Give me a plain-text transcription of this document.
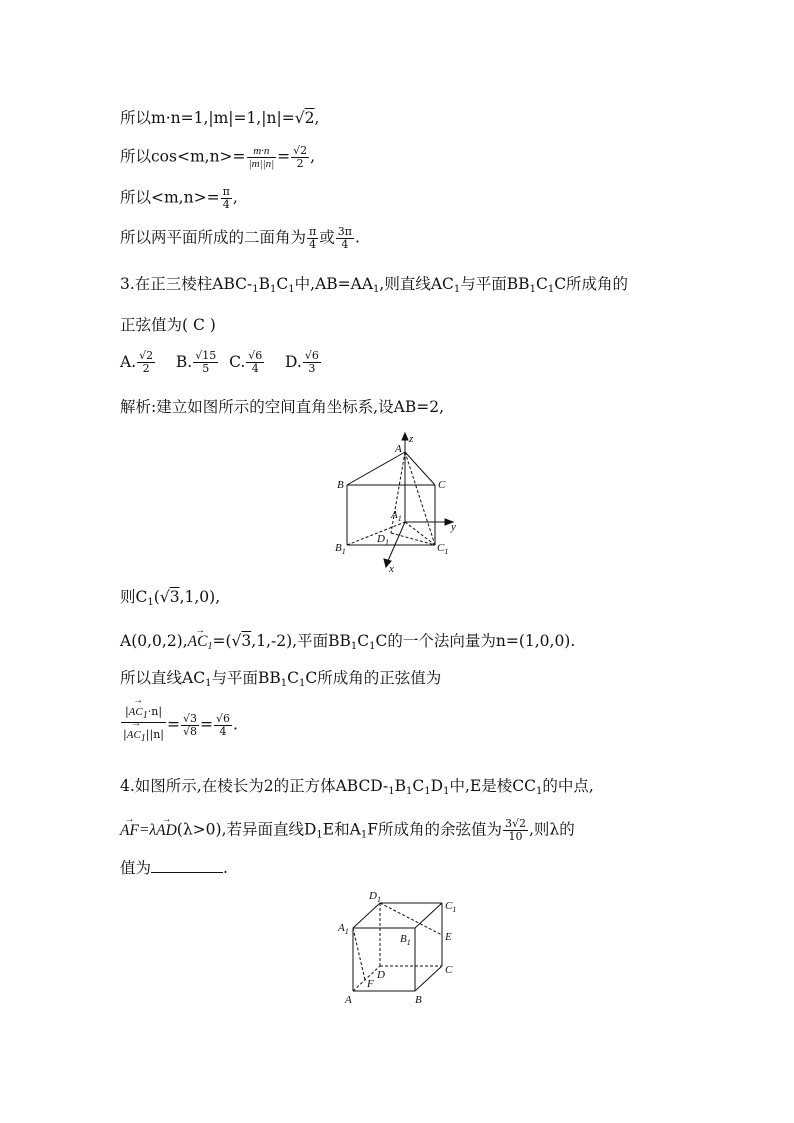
所以m·n=1,|m|=1,|n|=√2,
所以$\cos<m,n>= \frac{m\cdot n}{|m||n|} = \frac{√2}{2}$ ,
所以$<m,n>= \frac{\pi}{4}$ ,
所以两平面所成的二面角为 $\frac{\pi}{4}$ 或 $\frac{3\pi}{4}$ .
3.在正三棱柱ABC-$_1B_1C_1$中$,AB=AA_1$,则直线$AC_1$与平面$BB_1C_1C$所成角的
正弦值为( C )
A. $\frac{√2}{2} B$. $\frac{√15}{5} C$. $\frac{√6}{4} D$. $\frac{√6}{3}$
解析:建立如图所示的空间直角坐标系,设AB=2,
A
B	C
$A_1$
$B_1$	$C_1$
$D_1$
z
y
x
则$C_1(√3,1,0)$,
$A(0,0,2),\to AC_1=(√3,1,-2)$,平面$BB_1C_1C$的一个法向量为n=(1,0,0).
所以直线$AC_1$与平面$BB_1C_1C$所成角的正弦值为
$\frac{|\to AC1\cdot n|}{|\to AC1||n|} = \frac{√3}{√8} = \frac{√6}{4}$ .
4.如图所示,在棱长为2的正方体ABCD-$_1B_1C_1D_1$中,E是棱$CC_1$的中点,
→ AF=λ→ AD(λ>0),若异面直线$D_1E$和$A_1F$所成角的余弦值为 $\frac{3√2}{10}$ ,则λ的
值为	.
$D_1$
$C_1$
$A_1$
$B_1$	E
D	C
F
A	B
